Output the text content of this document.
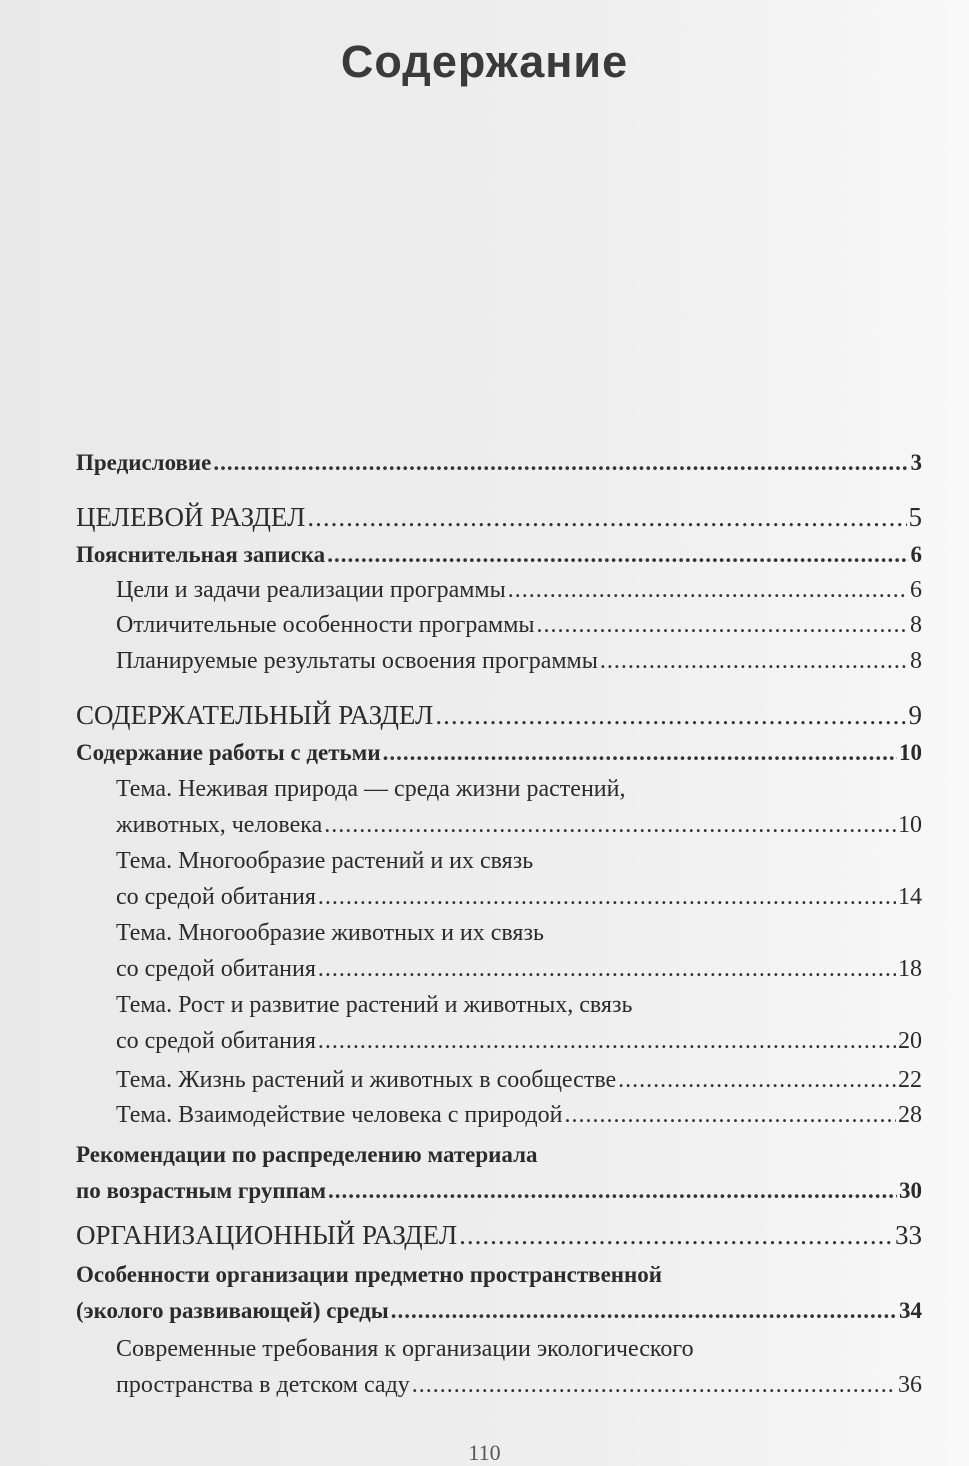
Содержание
Предисловие .....	3
ЦЕЛЕВОЙ РАЗДЕЛ .....	5
Пояснительная записка .....	6
Цели и задачи реализации программы .....	6
Отличительные особенности программы .....	8
Планируемые результаты освоения программы .....	8
СОДЕРЖАТЕЛЬНЫЙ РАЗДЕЛ .....	9
Содержание работы с детьми .....	10
Тема. Неживая природа — среда жизни растений,
животных, человека .....	10
Тема. Многообразие растений и их связь
со средой обитания .....	14
Тема. Многообразие животных и их связь
со средой обитания .....	18
Тема. Рост и развитие растений и животных, связь
со средой обитания .....	20
Тема. Жизнь растений и животных в сообществе .....	22
Тема. Взаимодействие человека с природой .....	28
Рекомендации по распределению материала
по возрастным группам .....	30
ОРГАНИЗАЦИОННЫЙ РАЗДЕЛ .....	33
Особенности организации предметно пространственной
(эколого развивающей) среды .....	34
Современные требования к организации экологического
пространства в детском саду .....	36
110
